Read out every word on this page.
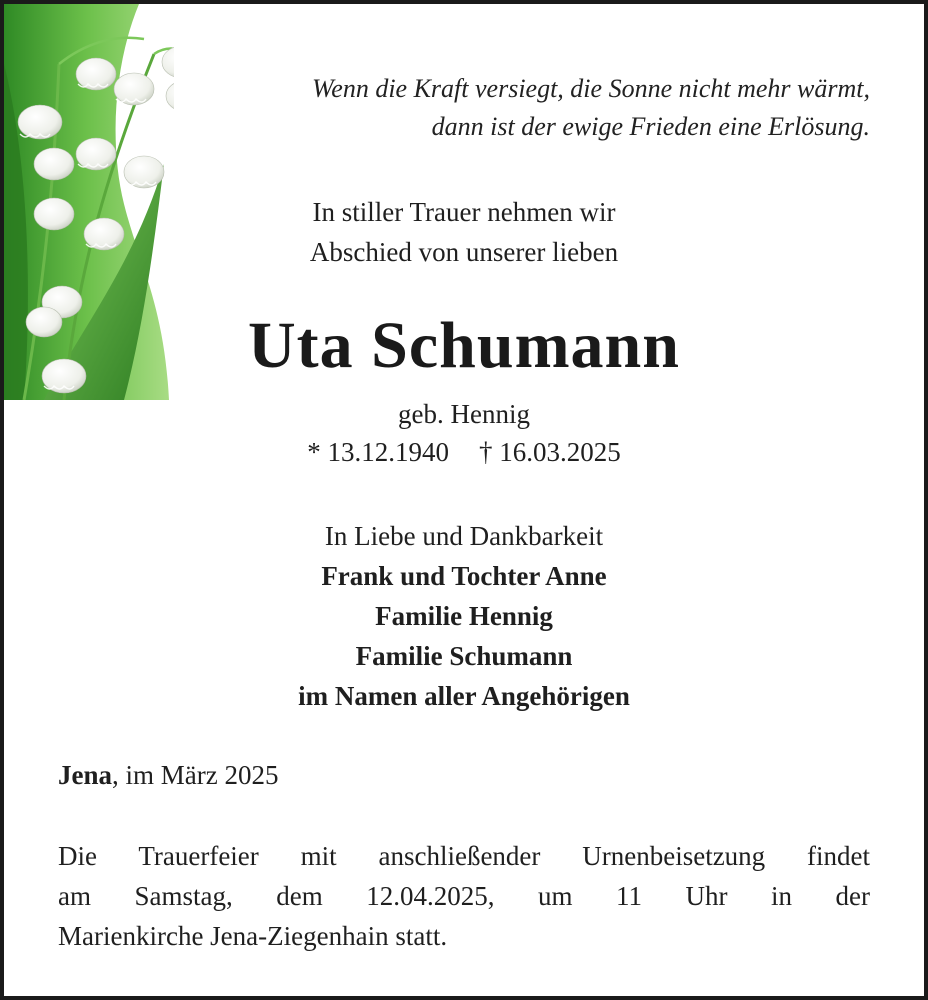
Wenn die Kraft versiegt, die Sonne nicht mehr wärmt,
dann ist der ewige Frieden eine Erlösung.
In stiller Trauer nehmen wir
Abschied von unserer lieben
Uta Schumann
geb. Hennig
* 13.12.1940 † 16.03.2025
In Liebe und Dankbarkeit
Frank und Tochter Anne
Familie Hennig
Familie Schumann
im Namen aller Angehörigen
Jena, im März 2025
Die Trauerfeier mit anschließender Urnenbeisetzung findet
am Samstag, dem 12.04.2025, um 11 Uhr in der
Marienkirche Jena-Ziegenhain statt.
